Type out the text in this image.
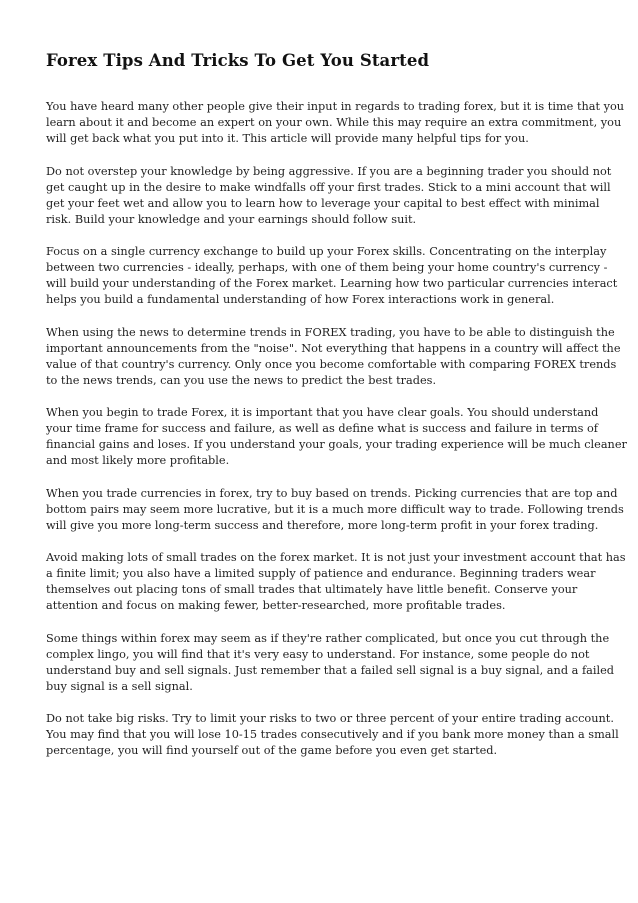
Forex Tips And Tricks To Get You Started

You have heard many other people give their input in regards to trading forex, but it is time that you
learn about it and become an expert on your own. While this may require an extra commitment, you
will get back what you put into it. This article will provide many helpful tips for you.

Do not overstep your knowledge by being aggressive. If you are a beginning trader you should not
get caught up in the desire to make windfalls off your first trades. Stick to a mini account that will
get your feet wet and allow you to learn how to leverage your capital to best effect with minimal
risk. Build your knowledge and your earnings should follow suit.

Focus on a single currency exchange to build up your Forex skills. Concentrating on the interplay
between two currencies - ideally, perhaps, with one of them being your home country's currency -
will build your understanding of the Forex market. Learning how two particular currencies interact
helps you build a fundamental understanding of how Forex interactions work in general.

When using the news to determine trends in FOREX trading, you have to be able to distinguish the
important announcements from the "noise". Not everything that happens in a country will affect the
value of that country's currency. Only once you become comfortable with comparing FOREX trends
to the news trends, can you use the news to predict the best trades.

When you begin to trade Forex, it is important that you have clear goals. You should understand
your time frame for success and failure, as well as define what is success and failure in terms of
financial gains and loses. If you understand your goals, your trading experience will be much cleaner
and most likely more profitable.

When you trade currencies in forex, try to buy based on trends. Picking currencies that are top and
bottom pairs may seem more lucrative, but it is a much more difficult way to trade. Following trends
will give you more long-term success and therefore, more long-term profit in your forex trading.

Avoid making lots of small trades on the forex market. It is not just your investment account that has
a finite limit; you also have a limited supply of patience and endurance. Beginning traders wear
themselves out placing tons of small trades that ultimately have little benefit. Conserve your
attention and focus on making fewer, better-researched, more profitable trades.

Some things within forex may seem as if they're rather complicated, but once you cut through the
complex lingo, you will find that it's very easy to understand. For instance, some people do not
understand buy and sell signals. Just remember that a failed sell signal is a buy signal, and a failed
buy signal is a sell signal.

Do not take big risks. Try to limit your risks to two or three percent of your entire trading account.
You may find that you will lose 10-15 trades consecutively and if you bank more money than a small
percentage, you will find yourself out of the game before you even get started.
